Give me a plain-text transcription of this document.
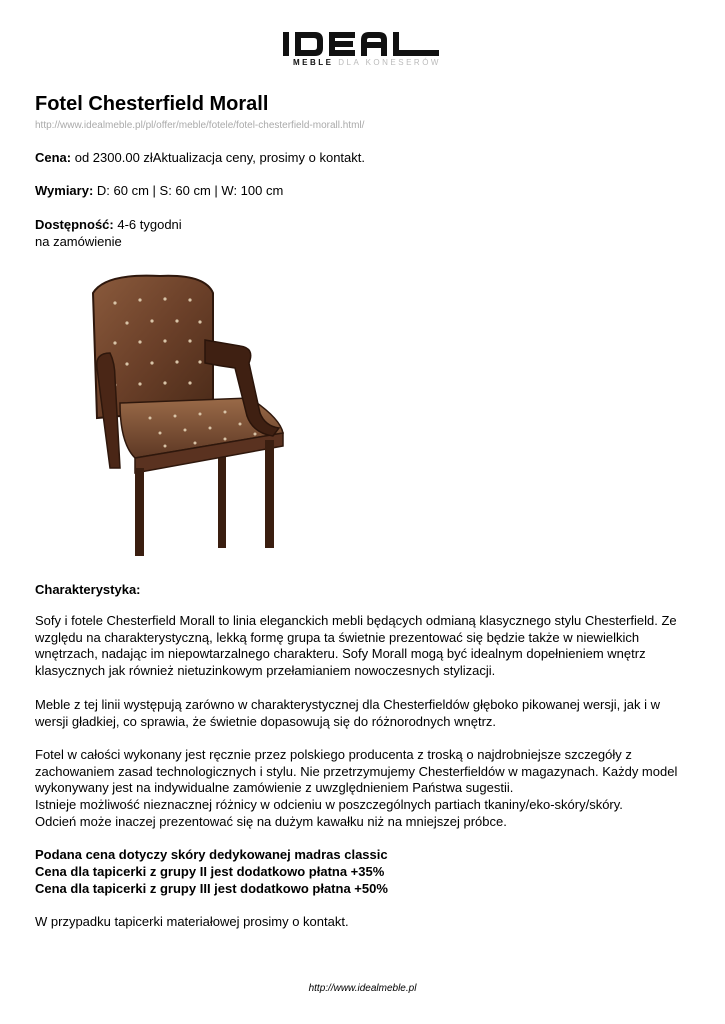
MEBLE DLA KONESERÓW
Fotel Chesterfield Morall
http://www.idealmeble.pl/pl/offer/meble/fotele/fotel-chesterfield-morall.html/
Cena: od 2300.00 złAktualizacja ceny, prosimy o kontakt.
Wymiary: D: 60 cm | S: 60 cm | W: 100 cm
Dostępność: 4-6 tygodni
na zamówienie
Charakterystyka:

Sofy i fotele Chesterfield Morall to linia eleganckich mebli będących odmianą klasycznego stylu Chesterfield. Ze względu na charakterystyczną, lekką formę grupa ta świetnie prezentować się będzie także w niewielkich wnętrzach, nadając im niepowtarzalnego charakteru. Sofy Morall mogą być idealnym dopełnieniem wnętrz klasycznych jak również nietuzinkowym przełamianiem nowoczesnych stylizacji.

Meble z tej linii występują zarówno w charakterystycznej dla Chesterfieldów głęboko pikowanej wersji, jak i w wersji gładkiej, co sprawia, że świetnie dopasowują się do różnorodnych wnętrz.

Fotel w całości wykonany jest ręcznie przez polskiego producenta z troską o najdrobniejsze szczegóły z zachowaniem zasad technologicznych i stylu. Nie przetrzymujemy Chesterfieldów w magazynach. Każdy model wykonywany jest na indywidualne zamówienie z uwzględnieniem Państwa sugestii.

Istnieje możliwość nieznacznej różnicy w odcieniu w poszczególnych partiach tkaniny/eko-skóry/skóry.

Odcień może inaczej prezentować się na dużym kawałku niż na mniejszej próbce.

Podana cena dotyczy skóry dedykowanej madras classic

Cena dla tapicerki z grupy II jest dodatkowo płatna +35%

Cena dla tapicerki z grupy III jest dodatkowo płatna +50%

W przypadku tapicerki materiałowej prosimy o kontakt.

http://www.idealmeble.pl
